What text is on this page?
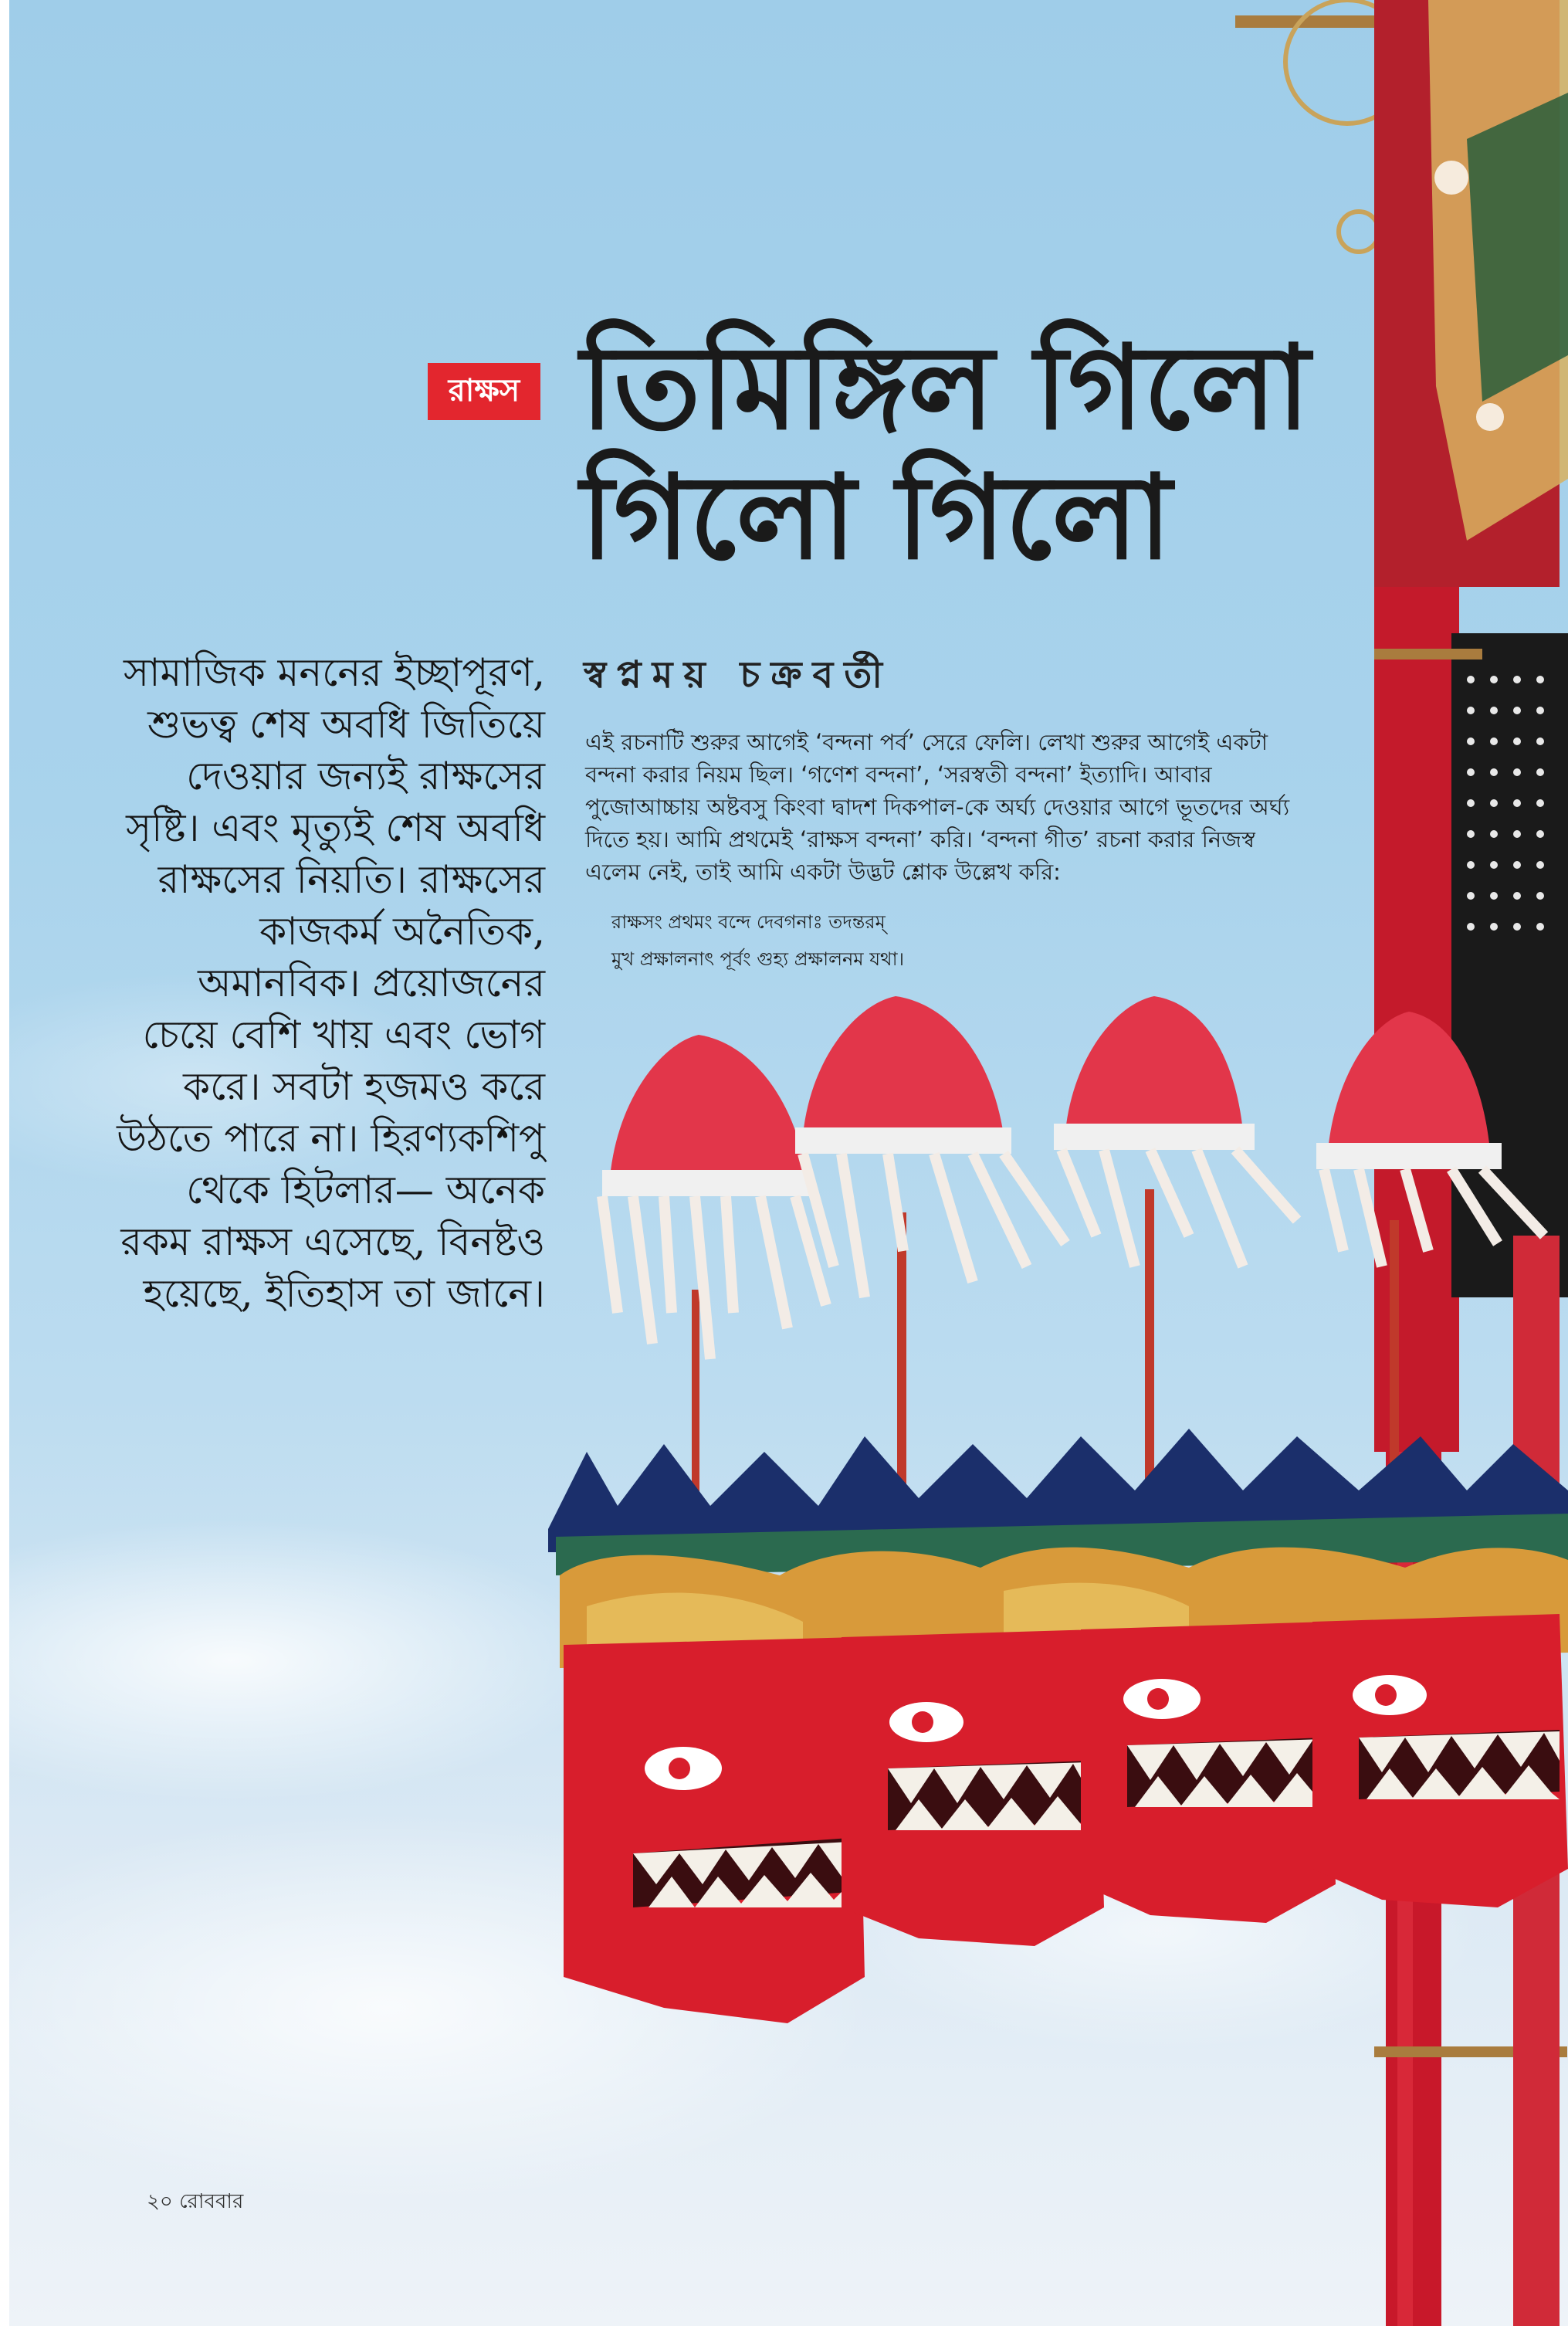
রাক্ষস তিমিঙ্গিল গিলো
গিলো গিলো
স্বপ্নময় চক্রবর্তী
সামাজিক মননের ইচ্ছাপূরণ, শুভত্ব শেষ অবধি জিতিয়ে দেওয়ার জন্যই রাক্ষসের সৃষ্টি। এবং মৃত্যুই শেষ অবধি রাক্ষসের নিয়তি। রাক্ষসের কাজকর্ম অনৈতিক, অমানবিক। প্রয়োজনের চেয়ে বেশি খায় এবং ভোগ করে। সবটা হজমও করে উঠতে পারে না। হিরণ্যকশিপু থেকে হিটলার— অনেক রকম রাক্ষস এসেছে, বিনষ্টও হয়েছে, ইতিহাস তা জানে।
এই রচনাটি শুরুর আগেই ‘বন্দনা পর্ব’ সেরে ফেলি। লেখা শুরুর আগেই একটা বন্দনা করার নিয়ম ছিল। ‘গণেশ বন্দনা’, ‘সরস্বতী বন্দনা’ ইত্যাদি। আবার পুজোআচ্চায় অষ্টবসু কিংবা দ্বাদশ দিকপাল-কে অর্ঘ্য দেওয়ার আগে ভূতদের অর্ঘ্য দিতে হয়। আমি প্রথমেই ‘রাক্ষস বন্দনা’ করি। ‘বন্দনা গীত’ রচনা করার নিজস্ব এলেম নেই, তাই আমি একটা উদ্ভট শ্লোক উল্লেখ করি:
রাক্ষসং প্রথমং বন্দে দেবগনাঃ তদন্তরম্
মুখ প্রক্ষালনাৎ পূর্বং গুহ্য প্রক্ষালনম যথা।
২০ রোববার
